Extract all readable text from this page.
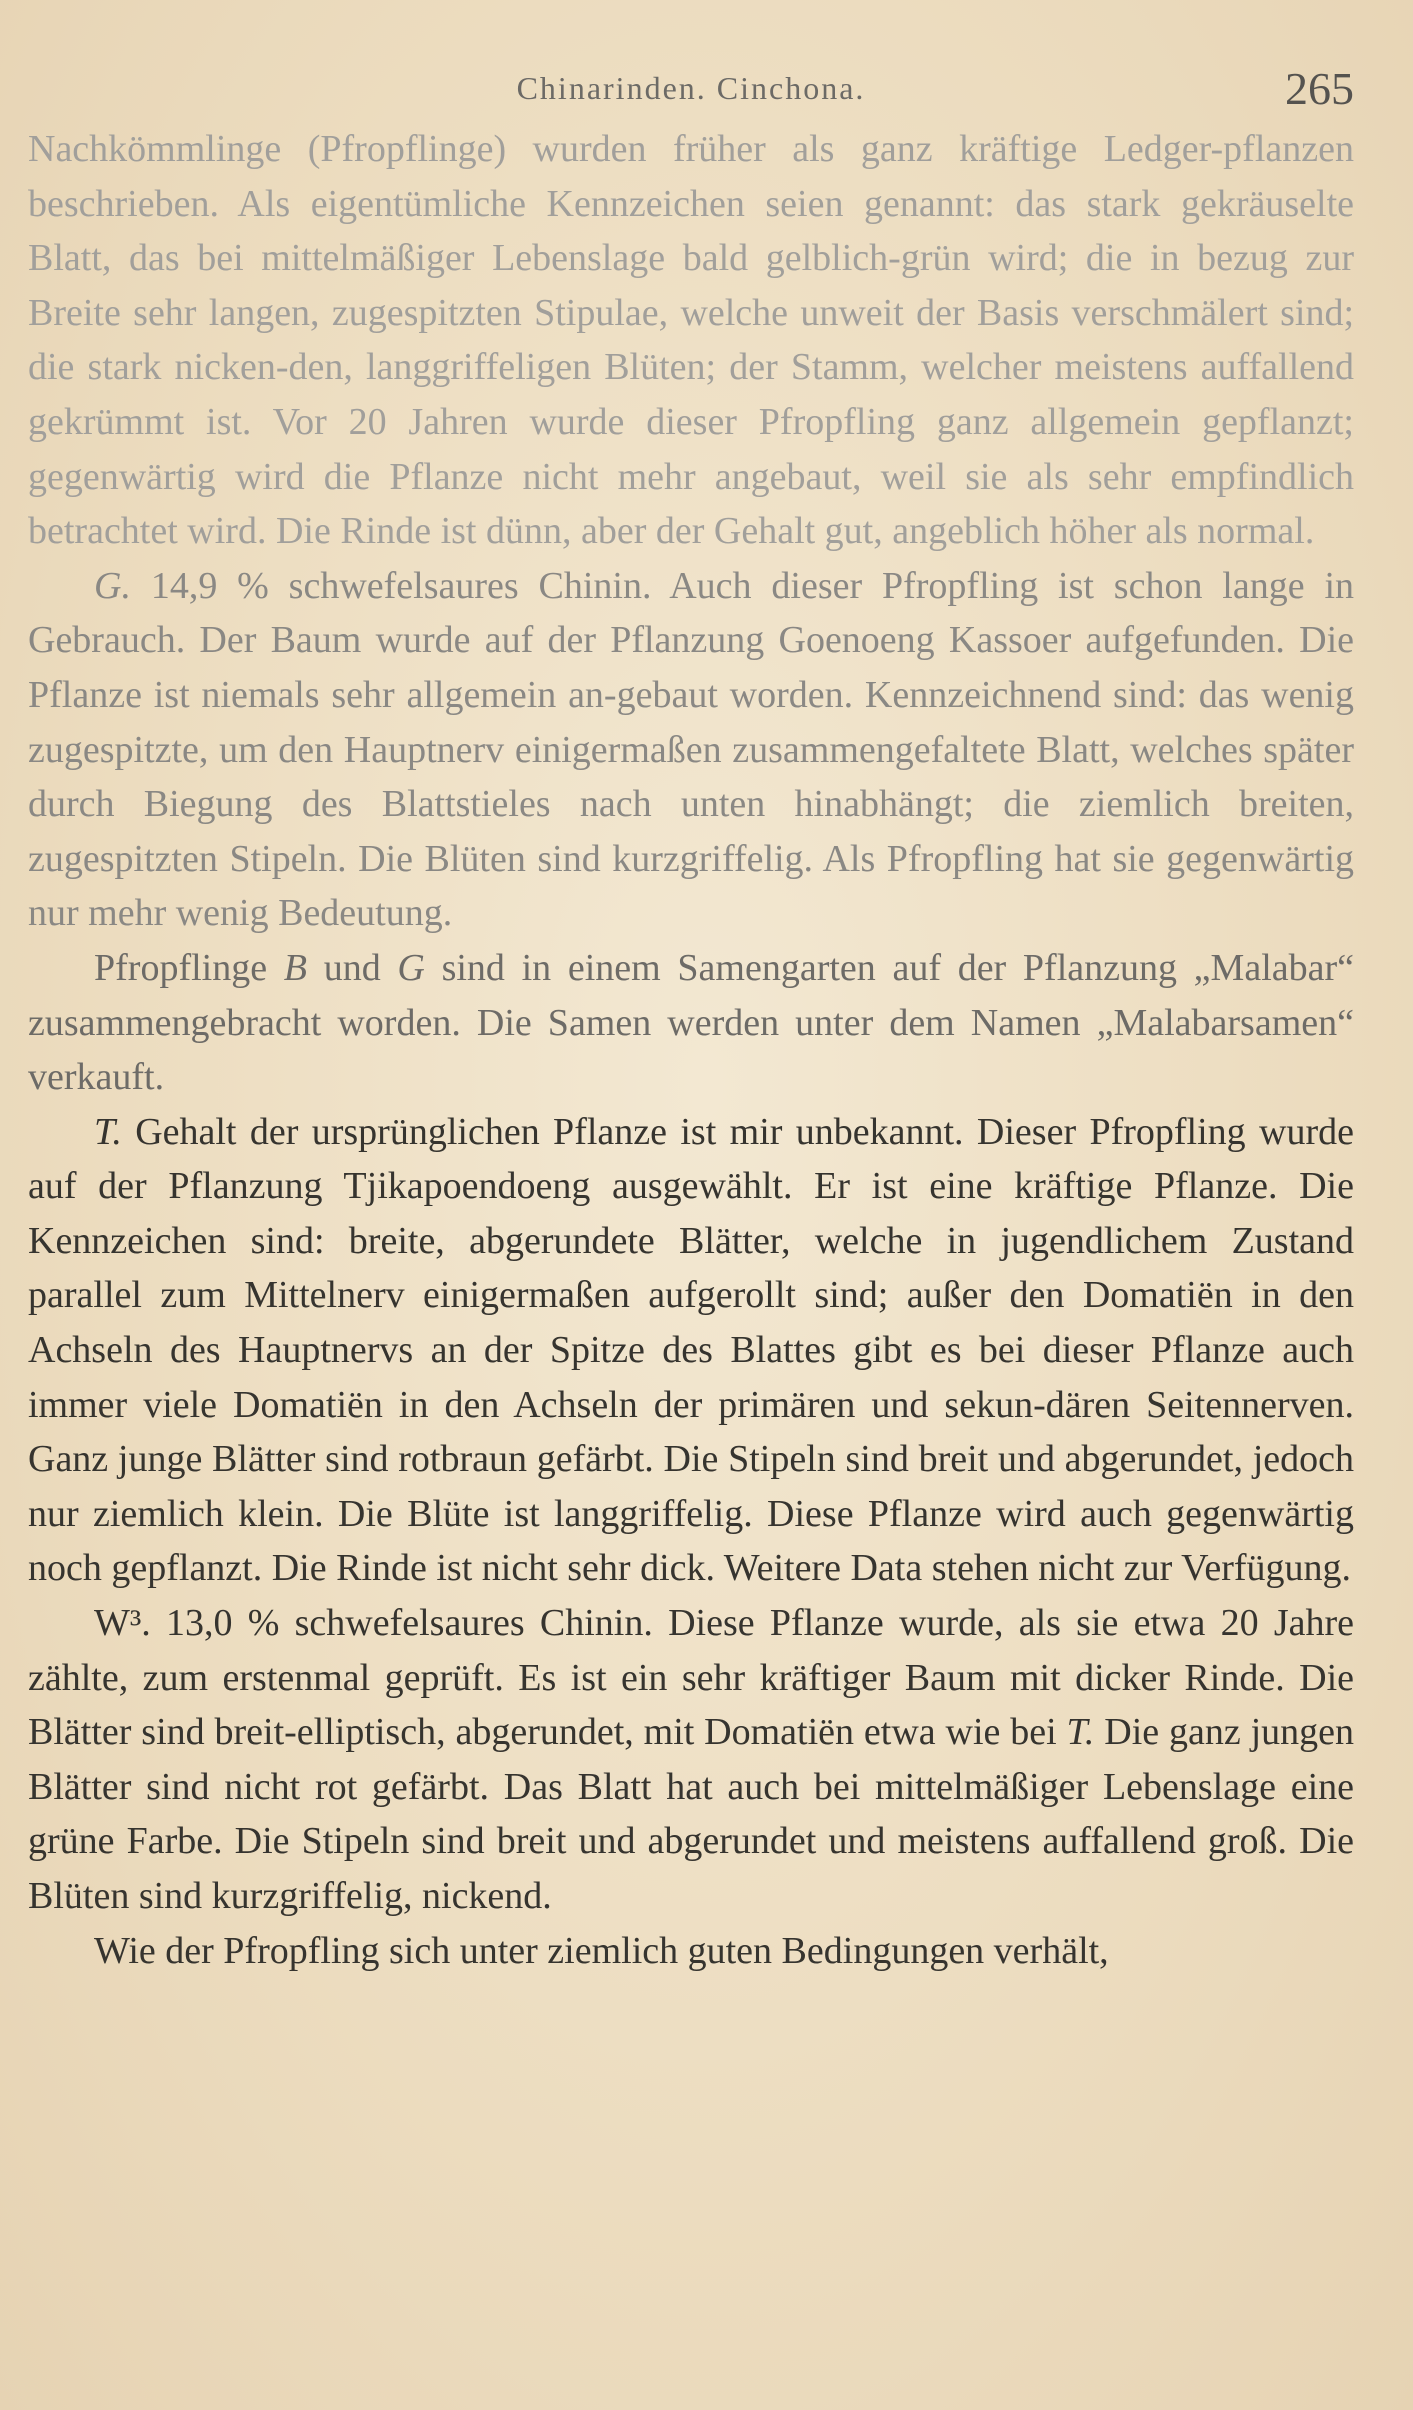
Chinarinden. Cinchona.	265

Nachkömmlinge (Pfropflinge) wurden früher als ganz kräftige Ledger-pflanzen beschrieben. Als eigentümliche Kennzeichen seien genannt: das stark gekräuselte Blatt, das bei mittelmäßiger Lebenslage bald gelblich-grün wird; die in bezug zur Breite sehr langen, zugespitzten Stipulae, welche unweit der Basis verschmälert sind; die stark nicken-den, langgriffeligen Blüten; der Stamm, welcher meistens auffallend gekrümmt ist. Vor 20 Jahren wurde dieser Pfropfling ganz allgemein gepflanzt; gegenwärtig wird die Pflanze nicht mehr angebaut, weil sie als sehr empfindlich betrachtet wird. Die Rinde ist dünn, aber der Gehalt gut, angeblich höher als normal.

G. 14,9 % schwefelsaures Chinin. Auch dieser Pfropfling ist schon lange in Gebrauch. Der Baum wurde auf der Pflanzung Goenoeng Kassoer aufgefunden. Die Pflanze ist niemals sehr allgemein an-gebaut worden. Kennzeichnend sind: das wenig zugespitzte, um den Hauptnerv einigermaßen zusammengefaltete Blatt, welches später durch Biegung des Blattstieles nach unten hinabhängt; die ziemlich breiten, zugespitzten Stipeln. Die Blüten sind kurzgriffelig. Als Pfropfling hat sie gegenwärtig nur mehr wenig Bedeutung.

Pfropflinge B und G sind in einem Samengarten auf der Pflanzung „Malabar“ zusammengebracht worden. Die Samen werden unter dem Namen „Malabarsamen“ verkauft.

T. Gehalt der ursprünglichen Pflanze ist mir unbekannt. Dieser Pfropfling wurde auf der Pflanzung Tjikapoendoeng ausgewählt. Er ist eine kräftige Pflanze. Die Kennzeichen sind: breite, abgerundete Blätter, welche in jugendlichem Zustand parallel zum Mittelnerv einigermaßen aufgerollt sind; außer den Domatiën in den Achseln des Hauptnervs an der Spitze des Blattes gibt es bei dieser Pflanze auch immer viele Domatiën in den Achseln der primären und sekun-dären Seitennerven. Ganz junge Blätter sind rotbraun gefärbt. Die Stipeln sind breit und abgerundet, jedoch nur ziemlich klein. Die Blüte ist langgriffelig. Diese Pflanze wird auch gegenwärtig noch gepflanzt. Die Rinde ist nicht sehr dick. Weitere Data stehen nicht zur Verfügung.

W³. 13,0 % schwefelsaures Chinin. Diese Pflanze wurde, als sie etwa 20 Jahre zählte, zum erstenmal geprüft. Es ist ein sehr kräftiger Baum mit dicker Rinde. Die Blätter sind breit-elliptisch, abgerundet, mit Domatiën etwa wie bei T. Die ganz jungen Blätter sind nicht rot gefärbt. Das Blatt hat auch bei mittelmäßiger Lebenslage eine grüne Farbe. Die Stipeln sind breit und abgerundet und meistens auffallend groß. Die Blüten sind kurzgriffelig, nickend.

Wie der Pfropfling sich unter ziemlich guten Bedingungen verhält,
